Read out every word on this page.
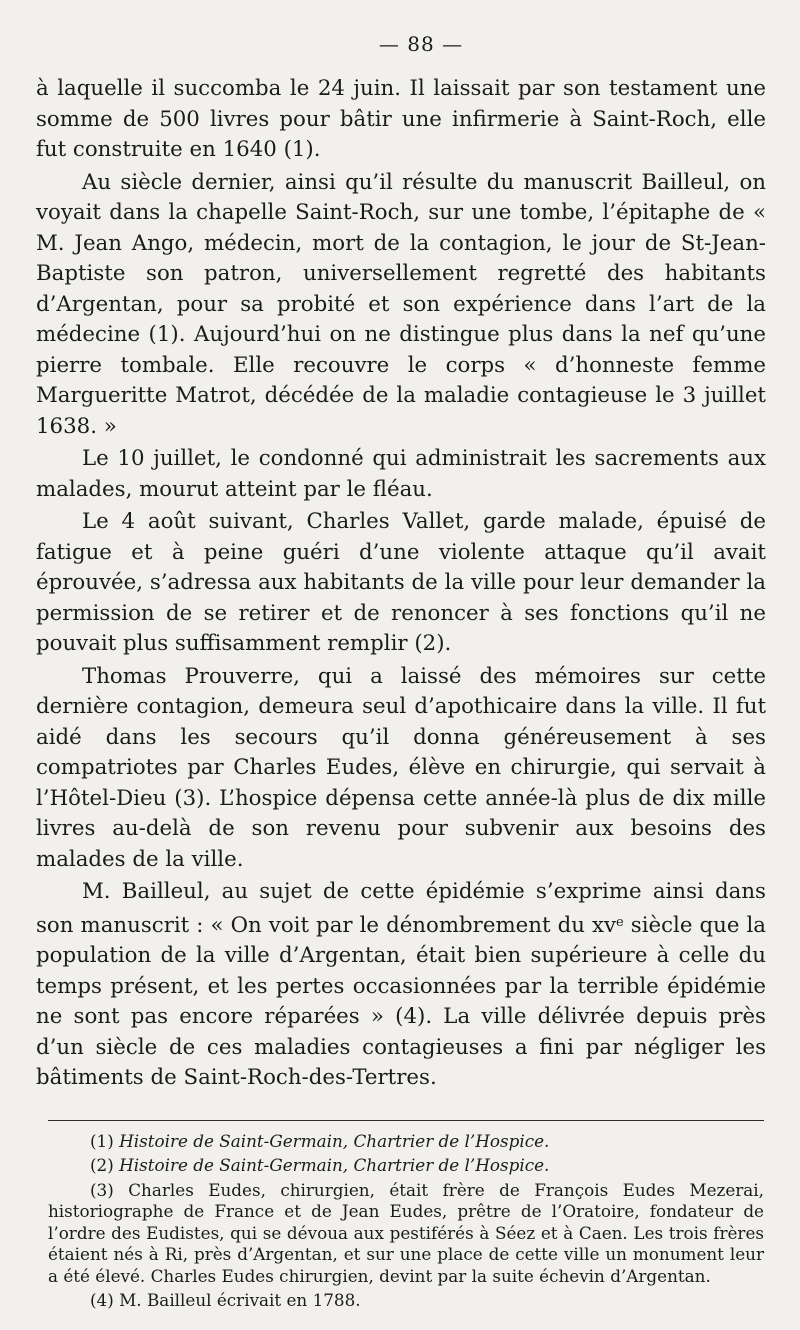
— 88 —

à laquelle il succomba le 24 juin. Il laissait par son testament une somme de 500 livres pour bâtir une infirmerie à Saint-Roch, elle fut construite en 1640 (1).

Au siècle dernier, ainsi qu’il résulte du manuscrit Bailleul, on voyait dans la chapelle Saint-Roch, sur une tombe, l’épitaphe de « M. Jean Ango, médecin, mort de la contagion, le jour de St-Jean-Baptiste son patron, universellement regretté des habitants d’Argentan, pour sa probité et son expérience dans l’art de la médecine (1). Aujourd’hui on ne distingue plus dans la nef qu’une pierre tombale. Elle recouvre le corps « d’honneste femme Margueritte Matrot, décédée de la maladie contagieuse le 3 juillet 1638. »

Le 10 juillet, le condonné qui administrait les sacrements aux malades, mourut atteint par le fléau.

Le 4 août suivant, Charles Vallet, garde malade, épuisé de fatigue et à peine guéri d’une violente attaque qu’il avait éprouvée, s’adressa aux habitants de la ville pour leur demander la permission de se retirer et de renoncer à ses fonctions qu’il ne pouvait plus suffisamment remplir (2).

Thomas Prouverre, qui a laissé des mémoires sur cette dernière contagion, demeura seul d’apothicaire dans la ville. Il fut aidé dans les secours qu’il donna généreusement à ses compatriotes par Charles Eudes, élève en chirurgie, qui servait à l’Hôtel-Dieu (3). L’hospice dépensa cette année-là plus de dix mille livres au-delà de son revenu pour subvenir aux besoins des malades de la ville.

M. Bailleul, au sujet de cette épidémie s’exprime ainsi dans son manuscrit : « On voit par le dénombrement du $xv^e$ siècle que la population de la ville d’Argentan, était bien supérieure à celle du temps présent, et les pertes occasionnées par la terrible épidémie ne sont pas encore réparées » (4). La ville délivrée depuis près d’un siècle de ces maladies contagieuses a fini par négliger les bâtiments de Saint-Roch-des-Tertres.

(1) Histoire de Saint-Germain, Chartrier de l’Hospice.

(2) Histoire de Saint-Germain, Chartrier de l’Hospice.

(3) Charles Eudes, chirurgien, était frère de François Eudes Mezerai, historiographe de France et de Jean Eudes, prêtre de l’Oratoire, fondateur de l’ordre des Eudistes, qui se dévoua aux pestiférés à Séez et à Caen. Les trois frères étaient nés à Ri, près d’Argentan, et sur une place de cette ville un monument leur a été élevé. Charles Eudes chirurgien, devint par la suite échevin d’Argentan.

(4) M. Bailleul écrivait en 1788.
